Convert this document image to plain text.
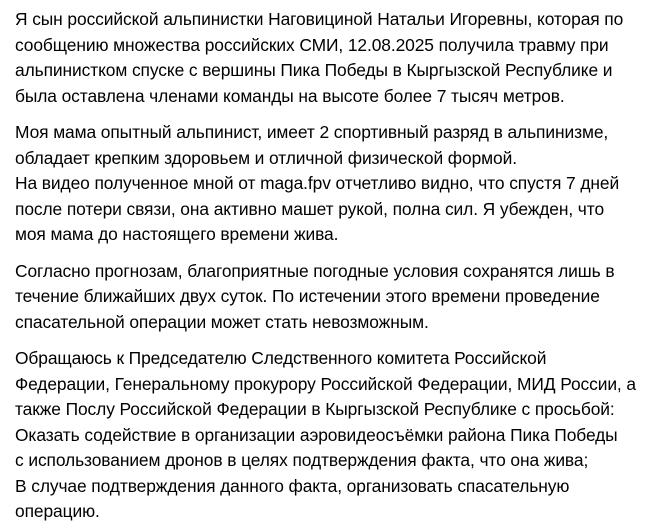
Я сын российской альпинистки Наговициной Натальи Игоревны, которая по
сообщению множества российских СМИ, 12.08.2025 получила травму при
альпинистком спуске с вершины Пика Победы в Кыргызской Республике и
была оставлена членами команды на высоте более 7 тысяч метров.

Моя мама опытный альпинист, имеет 2 спортивный разряд в альпинизме,
обладает крепким здоровьем и отличной физической формой.
На видео полученное мной от maga.fpv отчетливо видно, что спустя 7 дней
после потери связи, она активно машет рукой, полна сил. Я убежден, что
моя мама до настоящего времени жива.

Согласно прогнозам, благоприятные погодные условия сохранятся лишь в
течение ближайших двух суток. По истечении этого времени проведение
спасательной операции может стать невозможным.

Обращаюсь к Председателю Следственного комитета Российской
Федерации, Генеральному прокурору Российской Федерации, МИД России, а
также Послу Российской Федерации в Кыргызской Республике с просьбой:
Оказать содействие в организации аэровидеосъёмки района Пика Победы
с использованием дронов в целях подтверждения факта, что она жива;
В случае подтверждения данного факта, организовать спасательную
операцию.
